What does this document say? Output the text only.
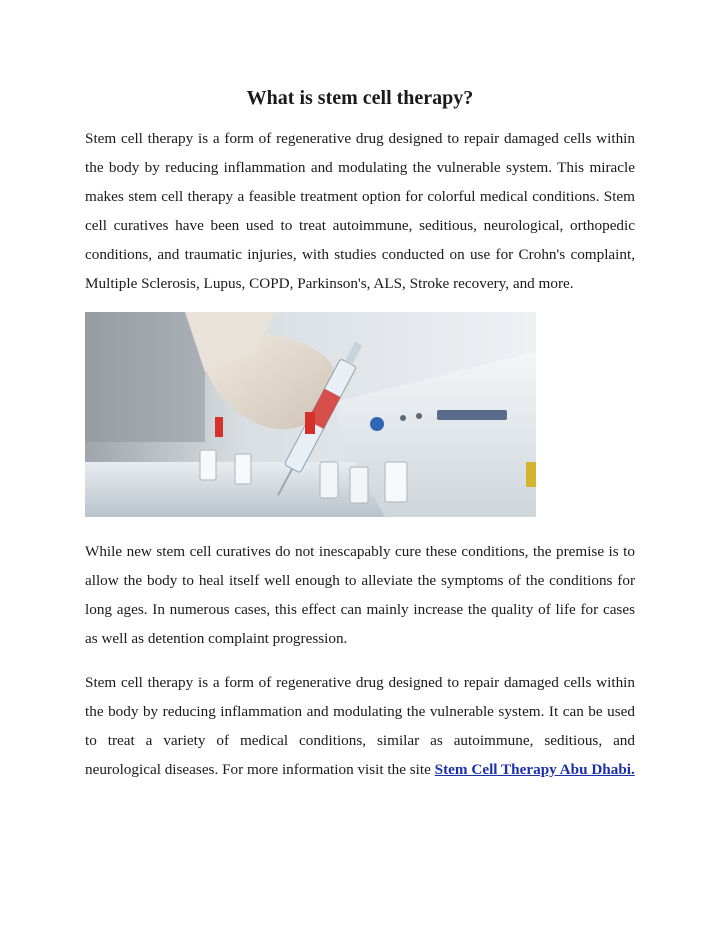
What is stem cell therapy?

Stem cell therapy is a form of regenerative drug designed to repair damaged cells within the body by reducing inflammation and modulating the vulnerable system. This miracle makes stem cell therapy a feasible treatment option for colorful medical conditions. Stem cell curatives have been used to treat autoimmune, seditious, neurological, orthopedic conditions, and traumatic injuries, with studies conducted on use for Crohn's complaint, Multiple Sclerosis, Lupus, COPD, Parkinson's, ALS, Stroke recovery, and more.

While new stem cell curatives do not inescapably cure these conditions, the premise is to allow the body to heal itself well enough to alleviate the symptoms of the conditions for long ages. In numerous cases, this effect can mainly increase the quality of life for cases as well as detention complaint progression.

Stem cell therapy is a form of regenerative drug designed to repair damaged cells within the body by reducing inflammation and modulating the vulnerable system. It can be used to treat a variety of medical conditions, similar as autoimmune, seditious, and neurological diseases. For more information visit the site Stem Cell Therapy Abu Dhabi.
